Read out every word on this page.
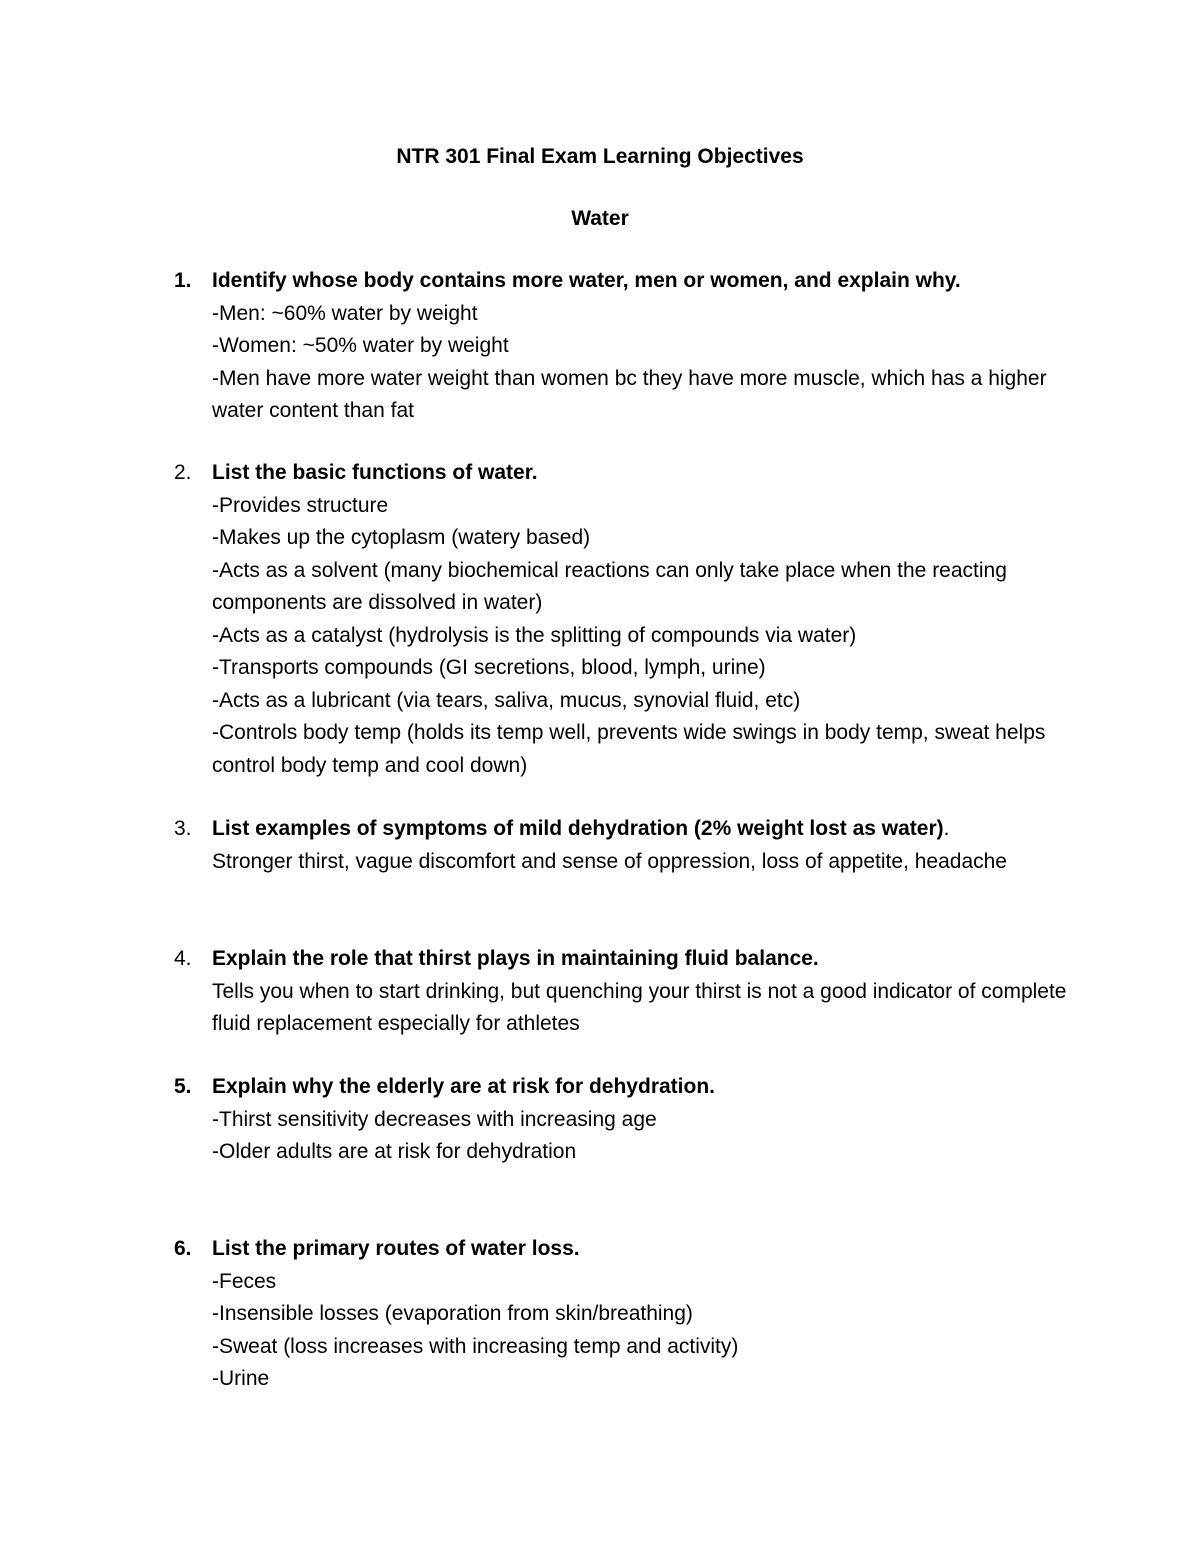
NTR 301 Final Exam Learning Objectives
Water
1. Identify whose body contains more water, men or women, and explain why.
-Men: ~60% water by weight
-Women: ~50% water by weight
-Men have more water weight than women bc they have more muscle, which has a higher water content than fat
2. List the basic functions of water.
-Provides structure
-Makes up the cytoplasm (watery based)
-Acts as a solvent (many biochemical reactions can only take place when the reacting components are dissolved in water)
-Acts as a catalyst (hydrolysis is the splitting of compounds via water)
-Transports compounds (GI secretions, blood, lymph, urine)
-Acts as a lubricant (via tears, saliva, mucus, synovial fluid, etc)
-Controls body temp (holds its temp well, prevents wide swings in body temp, sweat helps control body temp and cool down)
3. List examples of symptoms of mild dehydration (2% weight lost as water).
Stronger thirst, vague discomfort and sense of oppression, loss of appetite, headache
4. Explain the role that thirst plays in maintaining fluid balance.
Tells you when to start drinking, but quenching your thirst is not a good indicator of complete fluid replacement especially for athletes
5. Explain why the elderly are at risk for dehydration.
-Thirst sensitivity decreases with increasing age
-Older adults are at risk for dehydration
6. List the primary routes of water loss.
-Feces
-Insensible losses (evaporation from skin/breathing)
-Sweat (loss increases with increasing temp and activity)
-Urine
